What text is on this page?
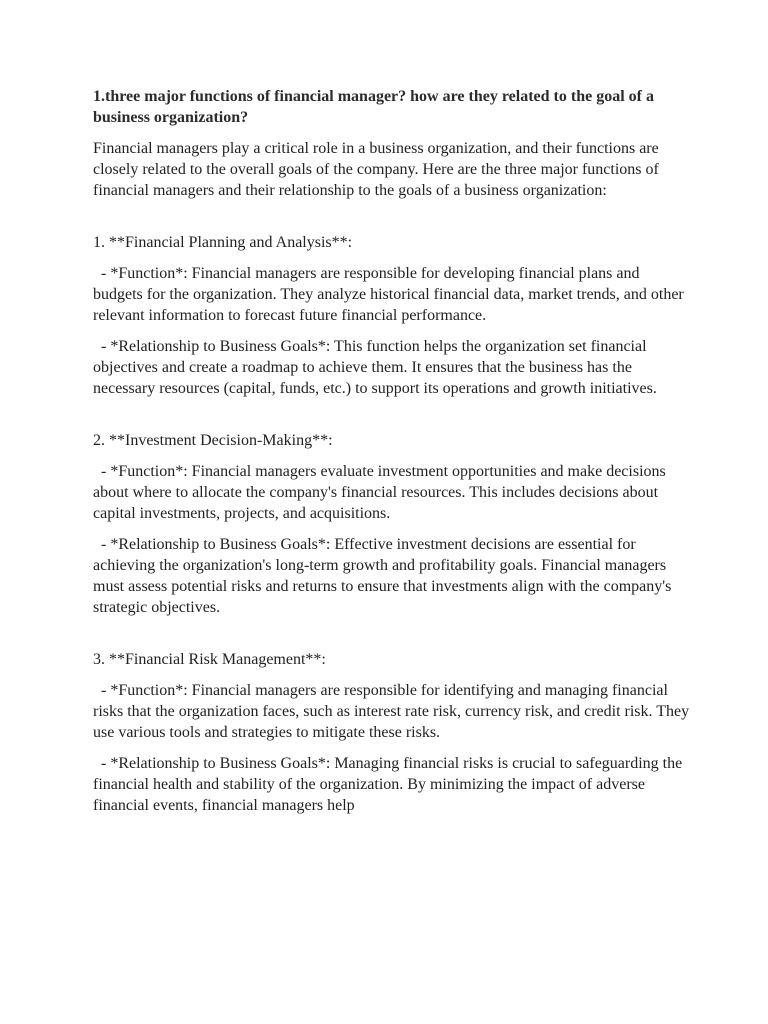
1.three major functions of financial manager? how are they related to the goal of a business organization?

Financial managers play a critical role in a business organization, and their functions are closely related to the overall goals of the company. Here are the three major functions of financial managers and their relationship to the goals of a business organization:

1. **Financial Planning and Analysis**:

- *Function*: Financial managers are responsible for developing financial plans and budgets for the organization. They analyze historical financial data, market trends, and other relevant information to forecast future financial performance.

- *Relationship to Business Goals*: This function helps the organization set financial objectives and create a roadmap to achieve them. It ensures that the business has the necessary resources (capital, funds, etc.) to support its operations and growth initiatives.

2. **Investment Decision-Making**:

- *Function*: Financial managers evaluate investment opportunities and make decisions about where to allocate the company's financial resources. This includes decisions about capital investments, projects, and acquisitions.

- *Relationship to Business Goals*: Effective investment decisions are essential for achieving the organization's long-term growth and profitability goals. Financial managers must assess potential risks and returns to ensure that investments align with the company's strategic objectives.

3. **Financial Risk Management**:

- *Function*: Financial managers are responsible for identifying and managing financial risks that the organization faces, such as interest rate risk, currency risk, and credit risk. They use various tools and strategies to mitigate these risks.

- *Relationship to Business Goals*: Managing financial risks is crucial to safeguarding the financial health and stability of the organization. By minimizing the impact of adverse financial events, financial managers help
